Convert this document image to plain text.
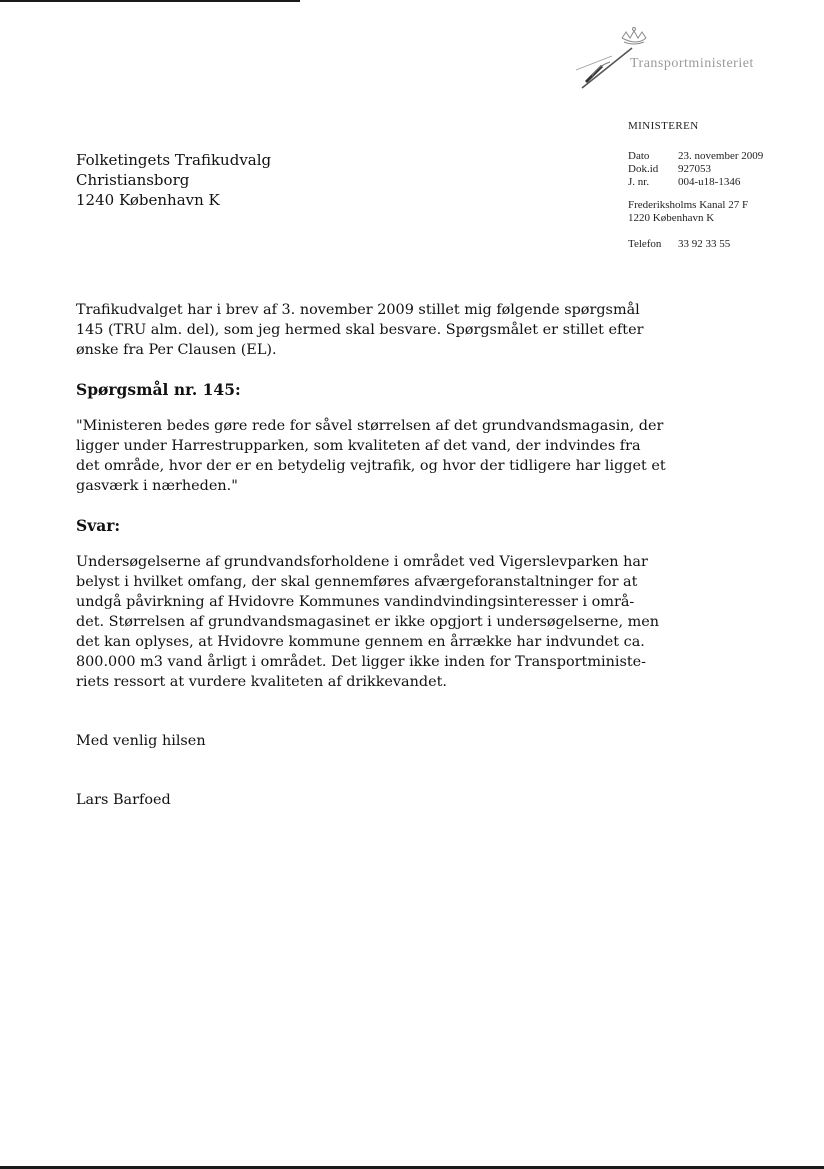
Transportministeriet
MINISTEREN
Dato	23. november 2009
Dok.id	927053
J. nr.	004-u18-1346
Frederiksholms Kanal 27 F
1220 København K
Telefon	33 92 33 55
Folketingets Trafikudvalg
Christiansborg
1240 København K

Trafikudvalget har i brev af 3. november 2009 stillet mig følgende spørgsmål
145 (TRU alm. del), som jeg hermed skal besvare. Spørgsmålet er stillet efter
ønske fra Per Clausen (EL).

Spørgsmål nr. 145:

"Ministeren bedes gøre rede for såvel størrelsen af det grundvandsmagasin, der
ligger under Harrestrupparken, som kvaliteten af det vand, der indvindes fra
det område, hvor der er en betydelig vejtrafik, og hvor der tidligere har ligget et
gasværk i nærheden."

Svar:

Undersøgelserne af grundvandsforholdene i området ved Vigerslevparken har
belyst i hvilket omfang, der skal gennemføres afværgeforanstaltninger for at
undgå påvirkning af Hvidovre Kommunes vandindvindingsinteresser i områ-
det. Størrelsen af grundvandsmagasinet er ikke opgjort i undersøgelserne, men
det kan oplyses, at Hvidovre kommune gennem en årrække har indvundet ca.
800.000 m3 vand årligt i området. Det ligger ikke inden for Transportministe-
riets ressort at vurdere kvaliteten af drikkevandet.

Med venlig hilsen
Lars Barfoed
